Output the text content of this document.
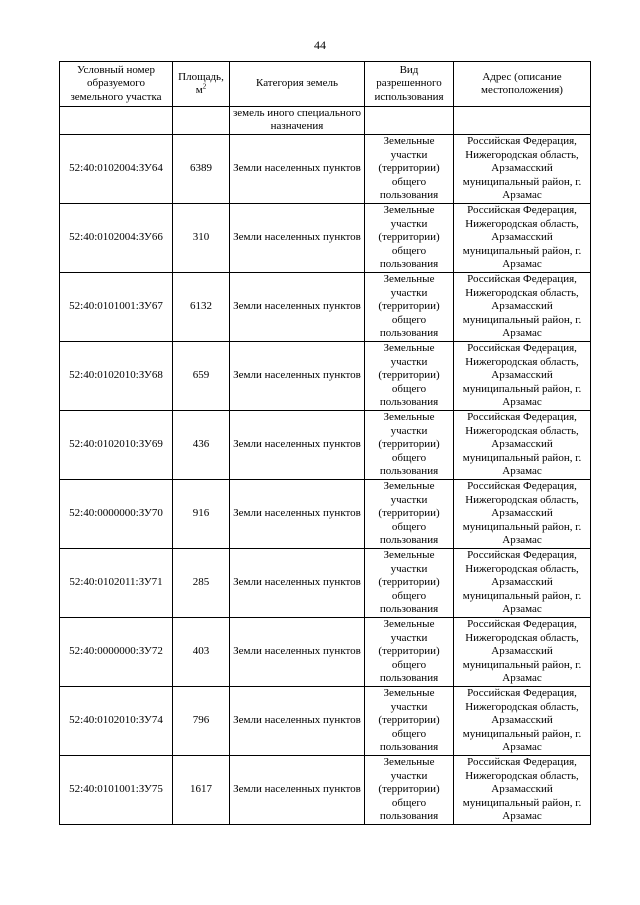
44
Условный номер образуемого земельного участка	Площадь, $м^2$	Категория земель	Вид разрешенного использования	Адрес (описание местоположения)
		земель иного специального назначения		
52:40:0102004:ЗУ64	6389	Земли населенных пунктов	Земельные участки (территории) общего пользования	Российская Федерация, Нижегородская область, Арзамасский муниципальный район, г. Арзамас
52:40:0102004:ЗУ66	310	Земли населенных пунктов	Земельные участки (территории) общего пользования	Российская Федерация, Нижегородская область, Арзамасский муниципальный район, г. Арзамас
52:40:0101001:ЗУ67	6132	Земли населенных пунктов	Земельные участки (территории) общего пользования	Российская Федерация, Нижегородская область, Арзамасский муниципальный район, г. Арзамас
52:40:0102010:ЗУ68	659	Земли населенных пунктов	Земельные участки (территории) общего пользования	Российская Федерация, Нижегородская область, Арзамасский муниципальный район, г. Арзамас
52:40:0102010:ЗУ69	436	Земли населенных пунктов	Земельные участки (территории) общего пользования	Российская Федерация, Нижегородская область, Арзамасский муниципальный район, г. Арзамас
52:40:0000000:ЗУ70	916	Земли населенных пунктов	Земельные участки (территории) общего пользования	Российская Федерация, Нижегородская область, Арзамасский муниципальный район, г. Арзамас
52:40:0102011:ЗУ71	285	Земли населенных пунктов	Земельные участки (территории) общего пользования	Российская Федерация, Нижегородская область, Арзамасский муниципальный район, г. Арзамас
52:40:0000000:ЗУ72	403	Земли населенных пунктов	Земельные участки (территории) общего пользования	Российская Федерация, Нижегородская область, Арзамасский муниципальный район, г. Арзамас
52:40:0102010:ЗУ74	796	Земли населенных пунктов	Земельные участки (территории) общего пользования	Российская Федерация, Нижегородская область, Арзамасский муниципальный район, г. Арзамас
52:40:0101001:ЗУ75	1617	Земли населенных пунктов	Земельные участки (территории) общего пользования	Российская Федерация, Нижегородская область, Арзамасский муниципальный район, г. Арзамас
